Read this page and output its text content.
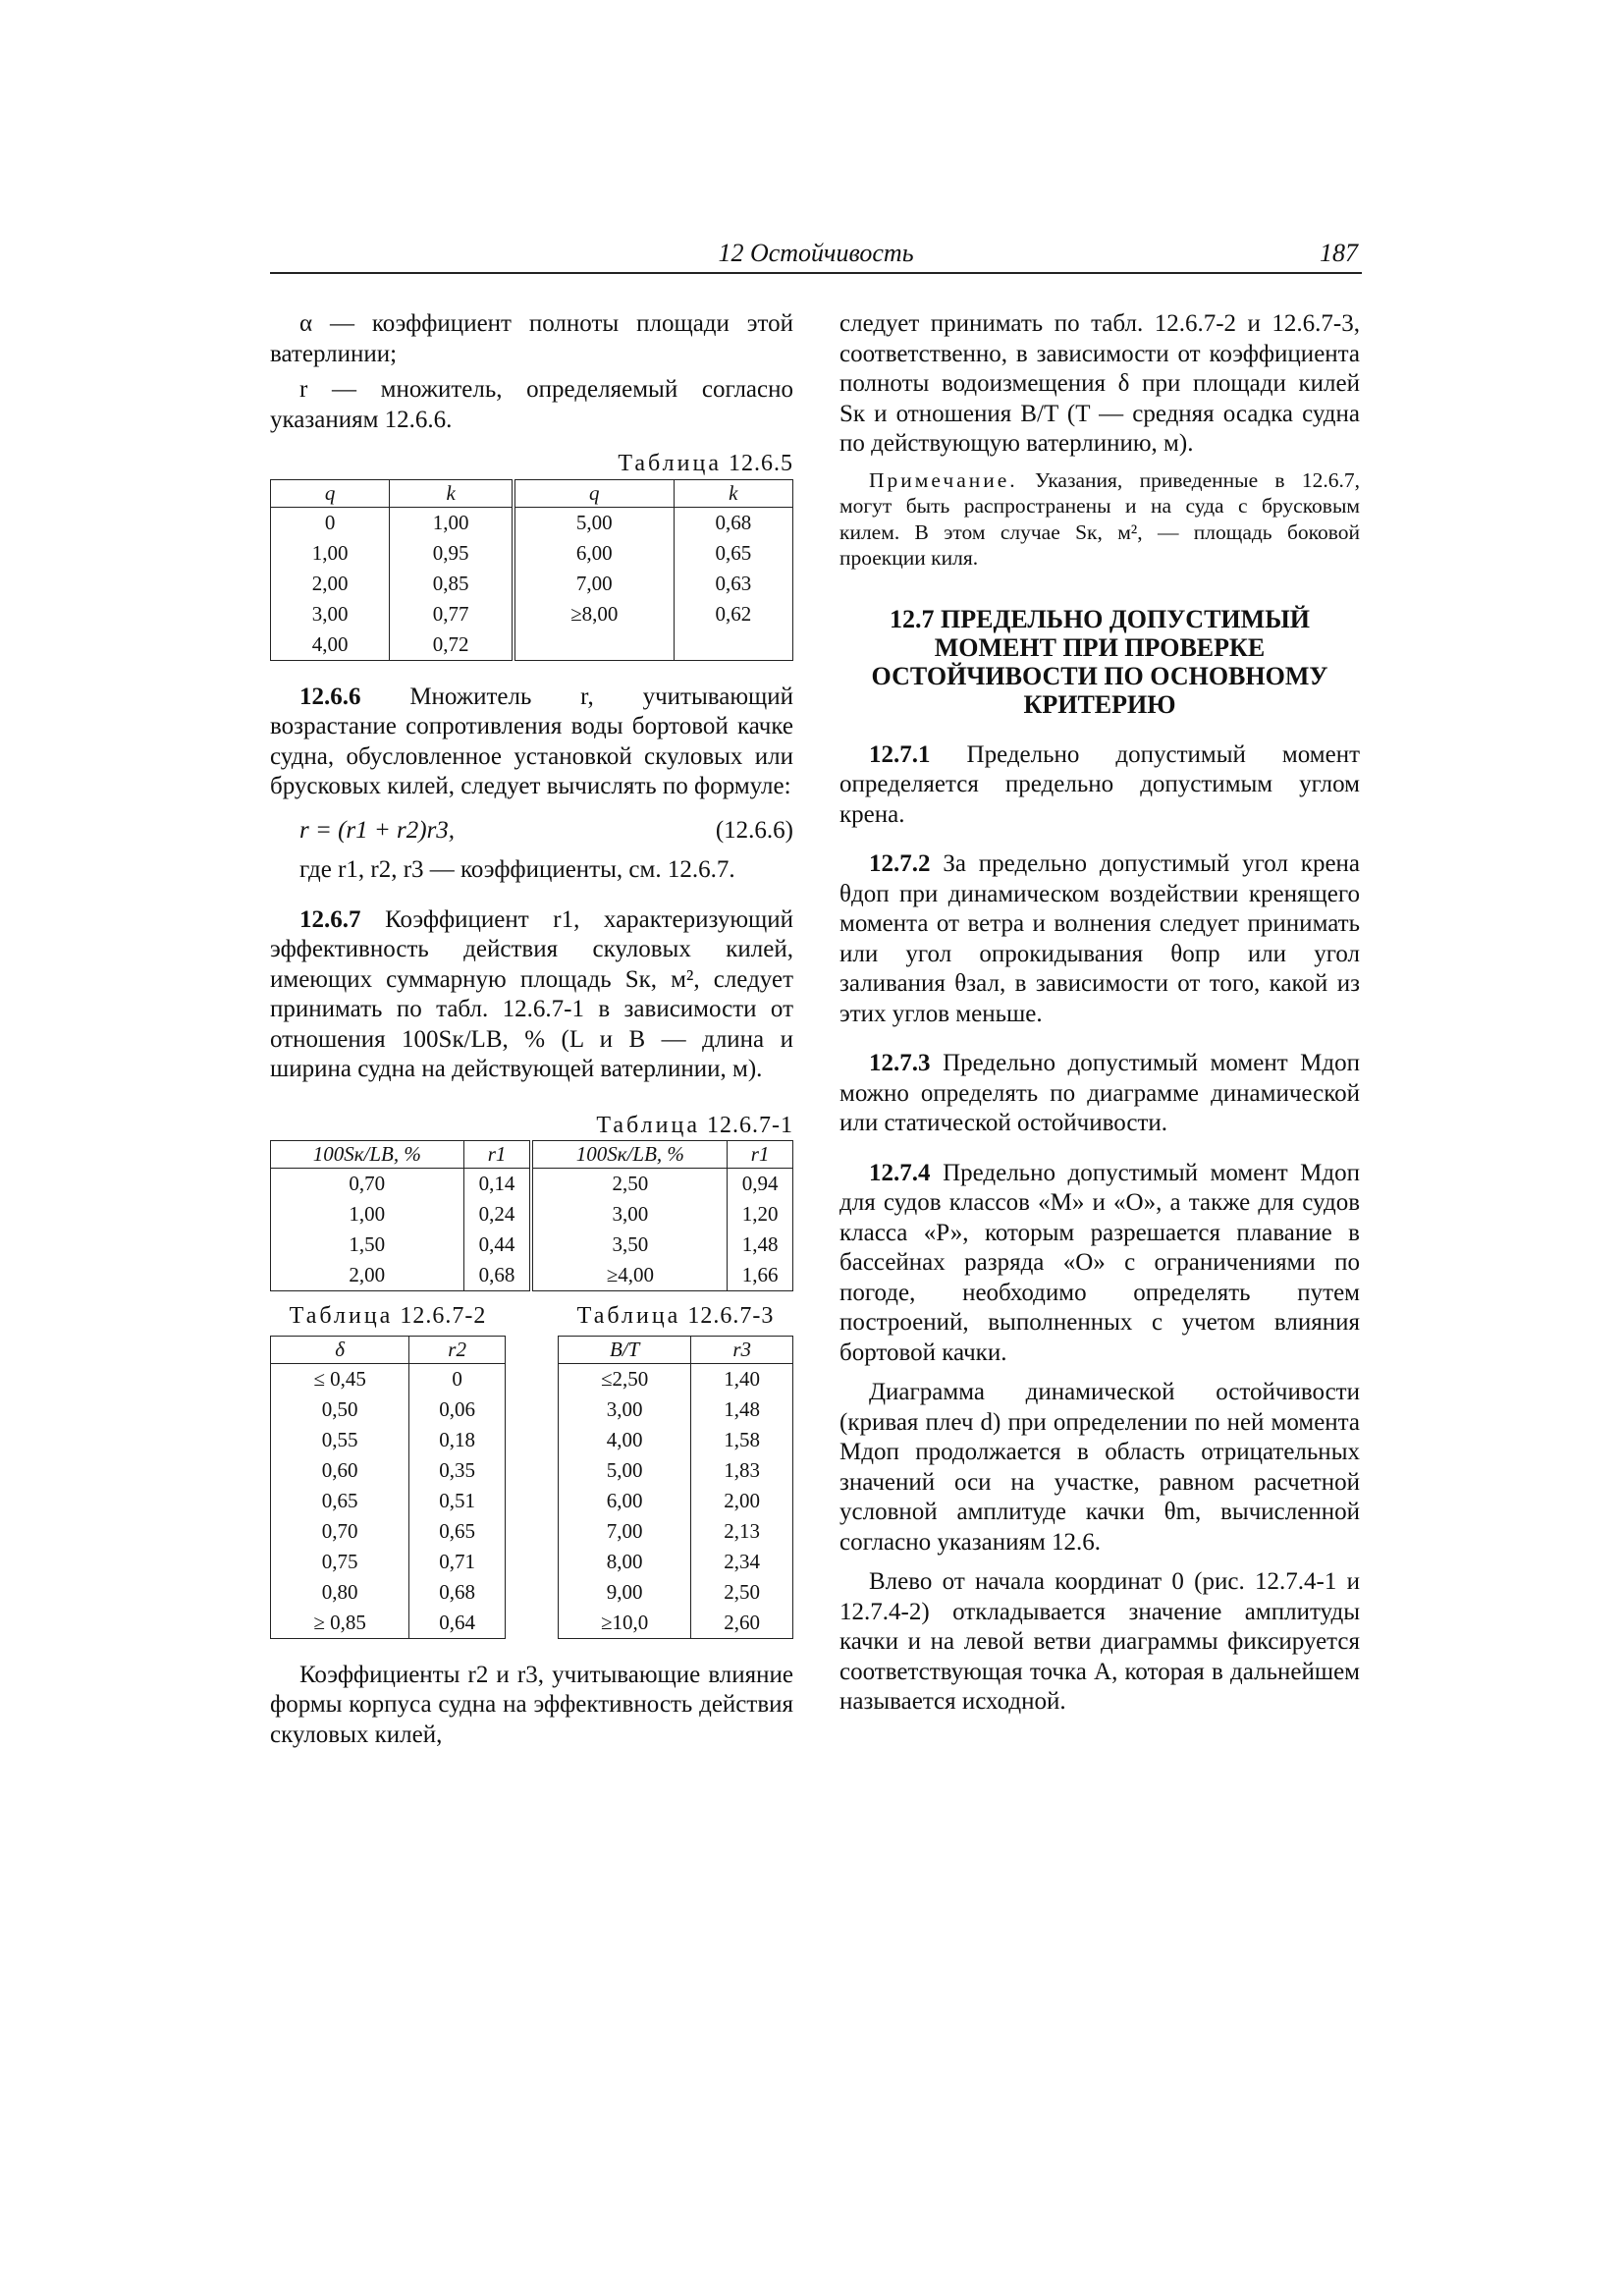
12 Остойчивость	187

α — коэффициент полноты площади этой ватерлинии;

r — множитель, определяемый согласно указаниям 12.6.6.

Таблица 12.6.5
q	k	q	k
0	1,00	5,00	0,68
1,00	0,95	6,00	0,65
2,00	0,85	7,00	0,63
3,00	0,77	≥8,00	0,62
4,00	0,72		

12.6.6 Множитель r, учитывающий возрастание сопротивления воды бортовой качке судна, обусловленное установкой скуловых или брусковых килей, следует вычислять по формуле:

r = (r1 + r2)r3,	(12.6.6)

где r1, r2, r3 — коэффициенты, см. 12.6.7.

12.6.7 Коэффициент r1, характеризующий эффективность действия скуловых килей, имеющих суммарную площадь Sк, м², следует принимать по табл. 12.6.7-1 в зависимости от отношения 100Sк/LB, % (L и B — длина и ширина судна на действующей ватерлинии, м).

Таблица 12.6.7-1
100Sк/LB, %	r1	100Sк/LB, %	r1
0,70	0,14	2,50	0,94
1,00	0,24	3,00	1,20
1,50	0,44	3,50	1,48
2,00	0,68	≥4,00	1,66
Таблица 12.6.7-2
δ	r2
≤ 0,45	0
0,50	0,06
0,55	0,18
0,60	0,35
0,65	0,51
0,70	0,65
0,75	0,71
0,80	0,68
≥ 0,85	0,64
Таблица 12.6.7-3
B/T	r3
≤2,50	1,40
3,00	1,48
4,00	1,58
5,00	1,83
6,00	2,00
7,00	2,13
8,00	2,34
9,00	2,50
≥10,0	2,60

Коэффициенты r2 и r3, учитывающие влияние формы корпуса судна на эффективность действия скуловых килей,

следует принимать по табл. 12.6.7-2 и 12.6.7-3, соответственно, в зависимости от коэффициента полноты водоизмещения δ при площади килей Sк и отношения B/T (T — средняя осадка судна по действующую ватерлинию, м).

Примечание. Указания, приведенные в 12.6.7, могут быть распространены и на суда с брусковым килем. В этом случае Sк, м², — площадь боковой проекции киля.

12.7 ПРЕДЕЛЬНО ДОПУСТИМЫЙ МОМЕНТ ПРИ ПРОВЕРКЕ ОСТОЙЧИВОСТИ ПО ОСНОВНОМУ КРИТЕРИЮ

12.7.1 Предельно допустимый момент определяется предельно допустимым углом крена.

12.7.2 За предельно допустимый угол крена θдоп при динамическом воздействии кренящего момента от ветра и волнения следует принимать или угол опрокидывания θопр или угол заливания θзал, в зависимости от того, какой из этих углов меньше.

12.7.3 Предельно допустимый момент Mдоп можно определять по диаграмме динамической или статической остойчивости.

12.7.4 Предельно допустимый момент Mдоп для судов классов «М» и «О», а также для судов класса «Р», которым разрешается плавание в бассейнах разряда «О» с ограничениями по погоде, необходимо определять путем построений, выполненных с учетом влияния бортовой качки.

Диаграмма динамической остойчивости (кривая плеч d) при определении по ней момента Mдоп продолжается в область отрицательных значений оси на участке, равном расчетной условной амплитуде качки θm, вычисленной согласно указаниям 12.6.

Влево от начала координат 0 (рис. 12.7.4-1 и 12.7.4-2) откладывается значение амплитуды качки и на левой ветви диаграммы фиксируется соответствующая точка A, которая в дальнейшем называется исходной.
